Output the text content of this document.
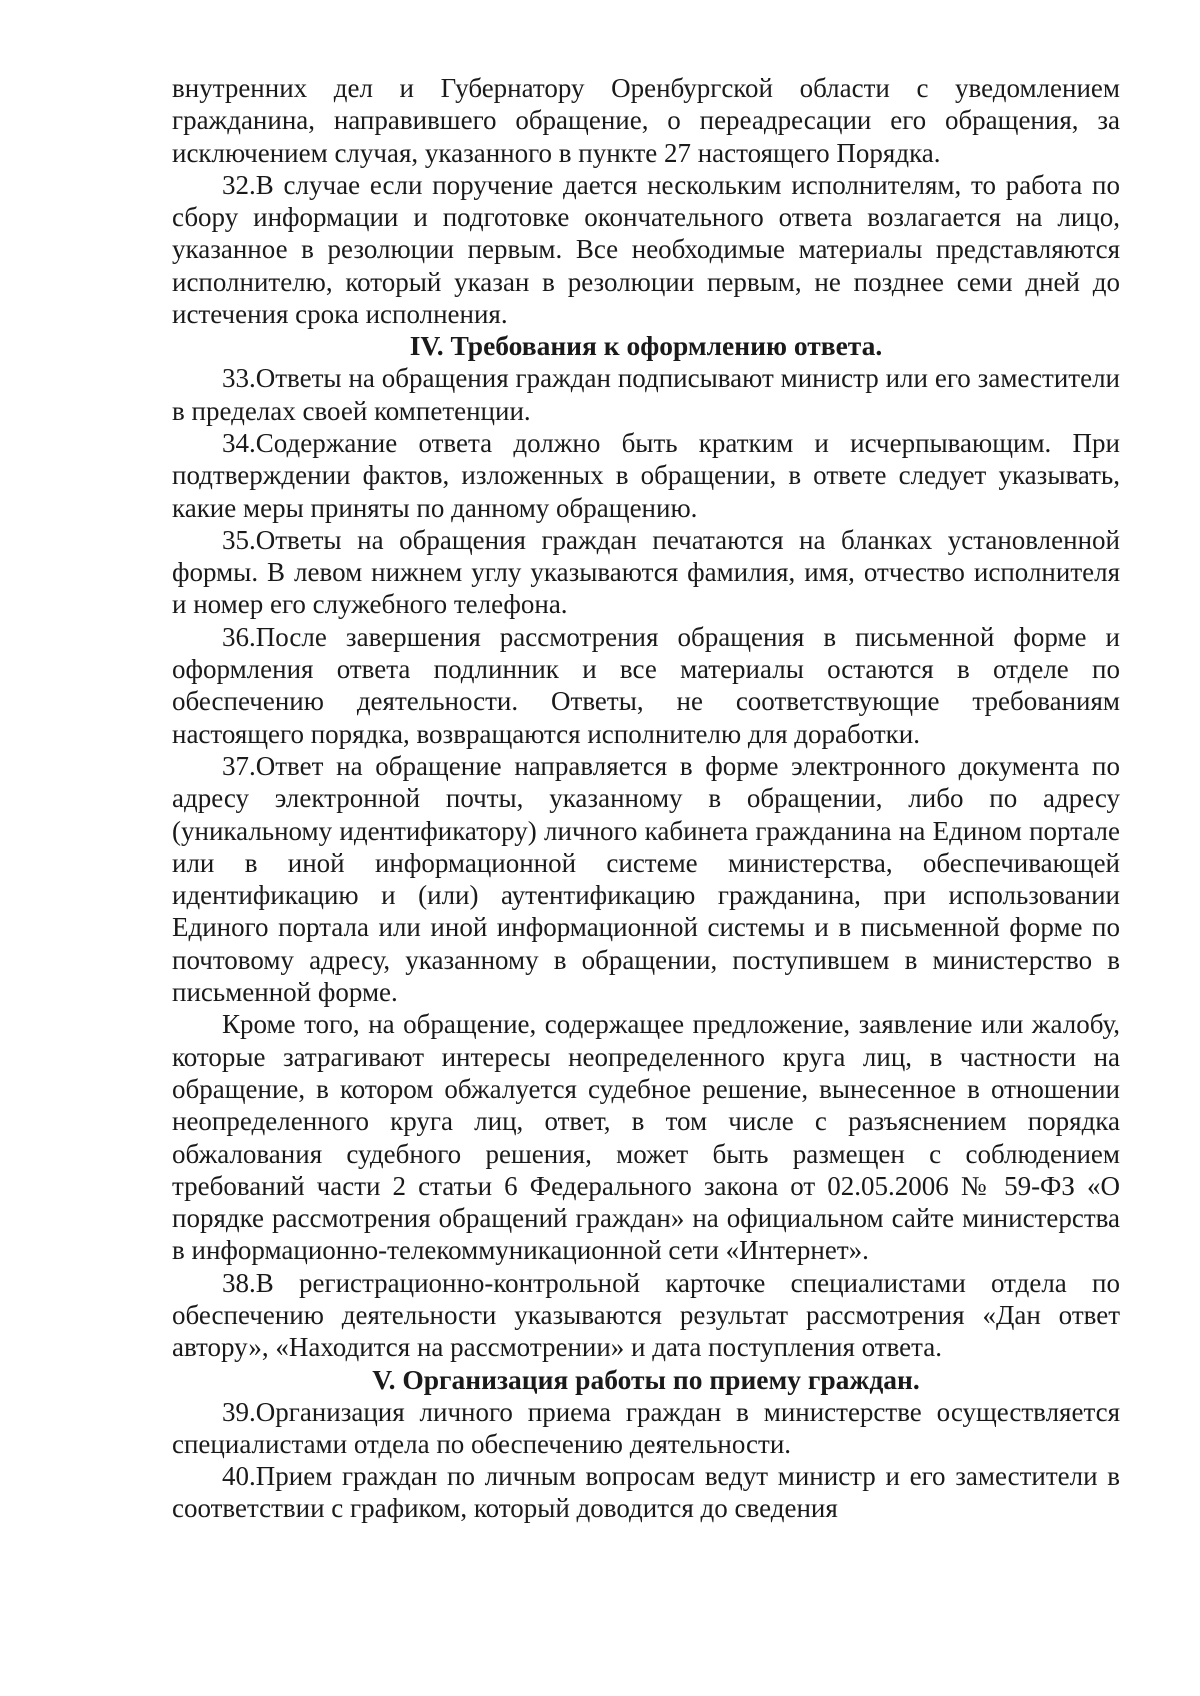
внутренних дел и Губернатору Оренбургской области с уведомлением гражданина, направившего обращение, о переадресации его обращения, за исключением случая, указанного в пункте 27 настоящего Порядка.

32.В случае если поручение дается нескольким исполнителям, то работа по сбору информации и подготовке окончательного ответа возлагается на лицо, указанное в резолюции первым. Все необходимые материалы представляются исполнителю, который указан в резолюции первым, не позднее семи дней до истечения срока исполнения.

IV. Требования к оформлению ответа.

33.Ответы на обращения граждан подписывают министр или его заместители в пределах своей компетенции.

34.Содержание ответа должно быть кратким и исчерпывающим. При подтверждении фактов, изложенных в обращении, в ответе следует указывать, какие меры приняты по данному обращению.

35.Ответы на обращения граждан печатаются на бланках установленной формы. В левом нижнем углу указываются фамилия, имя, отчество исполнителя и номер его служебного телефона.

36.После завершения рассмотрения обращения в письменной форме и оформления ответа подлинник и все материалы остаются в отделе по обеспечению деятельности. Ответы, не соответствующие требованиям настоящего порядка, возвращаются исполнителю для доработки.

37.Ответ на обращение направляется в форме электронного документа по адресу электронной почты, указанному в обращении, либо по адресу (уникальному идентификатору) личного кабинета гражданина на Едином портале или в иной информационной системе министерства, обеспечивающей идентификацию и (или) аутентификацию гражданина, при использовании Единого портала или иной информационной системы и в письменной форме по почтовому адресу, указанному в обращении, поступившем в министерство в письменной форме.

Кроме того, на обращение, содержащее предложение, заявление или жалобу, которые затрагивают интересы неопределенного круга лиц, в частности на обращение, в котором обжалуется судебное решение, вынесенное в отношении неопределенного круга лиц, ответ, в том числе с разъяснением порядка обжалования судебного решения, может быть размещен с соблюдением требований части 2 статьи 6 Федерального закона от 02.05.2006 № 59-ФЗ «О порядке рассмотрения обращений граждан» на официальном сайте министерства в информационно-телекоммуникационной сети «Интернет».

38.В регистрационно-контрольной карточке специалистами отдела по обеспечению деятельности указываются результат рассмотрения «Дан ответ автору», «Находится на рассмотрении» и дата поступления ответа.

V. Организация работы по приему граждан.

39.Организация личного приема граждан в министерстве осуществляется специалистами отдела по обеспечению деятельности.

40.Прием граждан по личным вопросам ведут министр и его заместители в соответствии с графиком, который доводится до сведения
